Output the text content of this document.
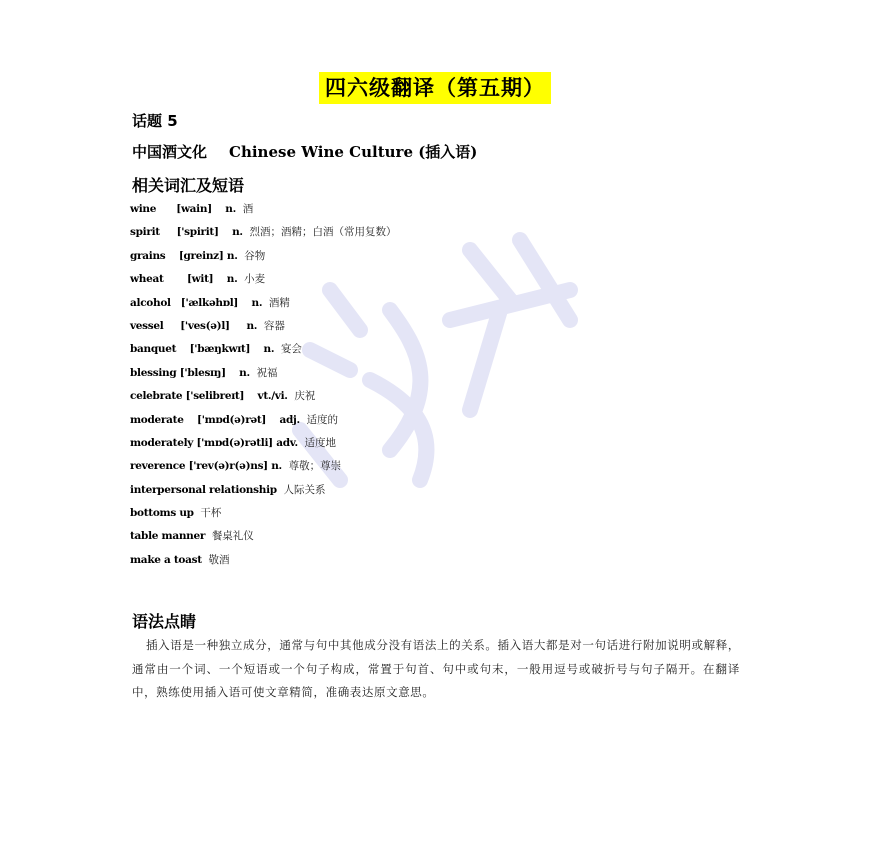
四六级翻译（第五期）
话题 5
中国酒文化 Chinese Wine Culture (插入语)
相关词汇及短语
wine      [wain]    n. 酒
spirit     ['spirit]    n. 烈酒；酒精；白酒（常用复数）
grains    [greinz] n. 谷物
wheat       [wit]    n. 小麦
alcohol   ['ælkəhɒl]    n. 酒精
vessel     ['ves(ə)l]     n. 容器
banquet    ['bæŋkwɪt]    n. 宴会
blessing ['blesɪŋ]    n. 祝福
celebrate ['selibreɪt]    vt./vi. 庆祝
moderate    ['mɒd(ə)rət]    adj. 适度的
moderately ['mɒd(ə)rətli] adv. 适度地
reverence ['rev(ə)r(ə)ns] n. 尊敬；尊崇
interpersonal relationship 人际关系
bottoms up 干杯
table manner 餐桌礼仪
make a toast 敬酒
语法点睛

插入语是一种独立成分，通常与句中其他成分没有语法上的关系。插入语大都是对一句话进行附加说明或解释，通常由一个词、一个短语或一个句子构成，常置于句首、句中或句末，一般用逗号或破折号与句子隔开。在翻译中，熟练使用插入语可使文章精简，准确表达原文意思。
